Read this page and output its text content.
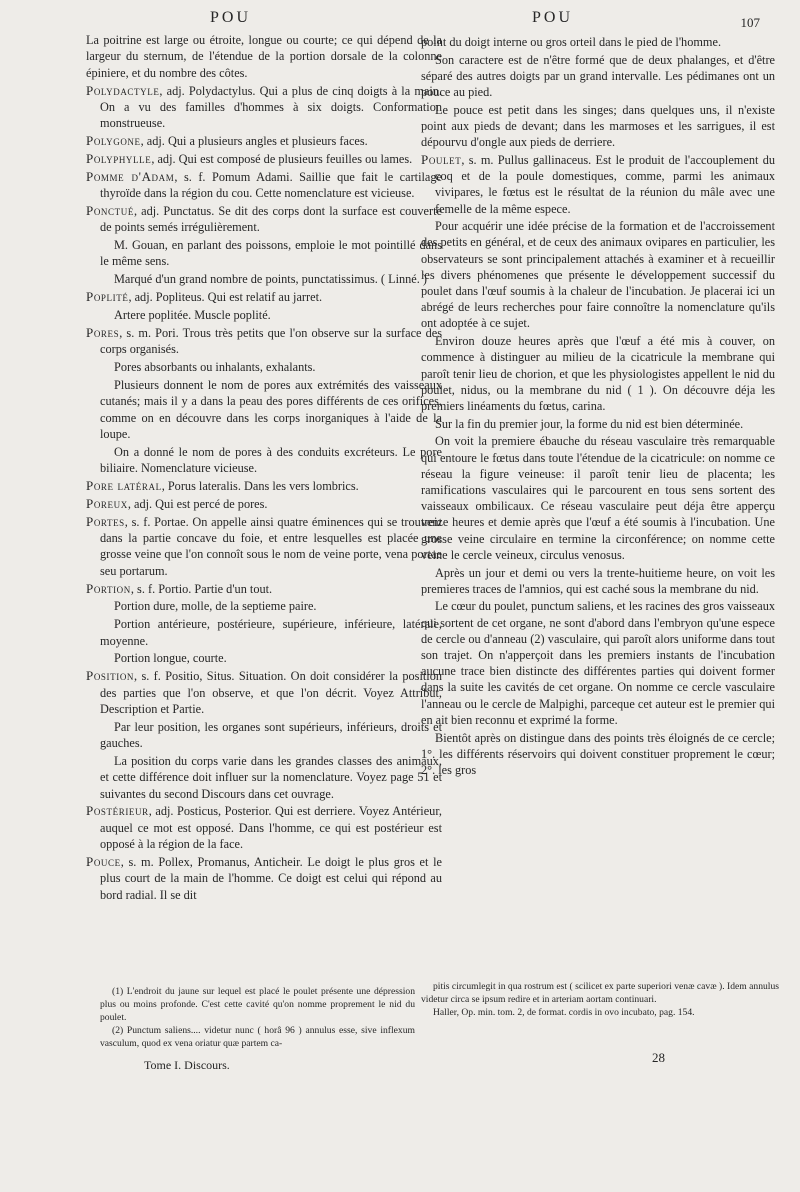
POU	POU	107

La poitrine est large ou étroite, longue ou courte; ce qui dépend de la largeur du sternum, de l'étendue de la portion dorsale de la colonne épiniere, et du nombre des côtes.

Polydactyle, adj. Polydactylus. Qui a plus de cinq doigts à la main. On a vu des familles d'hommes à six doigts. Conformation monstrueuse.

Polygone, adj. Qui a plusieurs angles et plusieurs faces.

Polyphylle, adj. Qui est composé de plusieurs feuilles ou lames.

Pomme d'Adam, s. f. Pomum Adami. Saillie que fait le cartilage thyroïde dans la région du cou. Cette nomenclature est vicieuse.

Ponctué, adj. Punctatus. Se dit des corps dont la surface est couverte de points semés irrégulièrement.

M. Gouan, en parlant des poissons, emploie le mot pointillé dans le même sens.

Marqué d'un grand nombre de points, punctatissimus. ( Linné. )

Poplité, adj. Popliteus. Qui est relatif au jarret.

Artere poplitée. Muscle poplité.

Pores, s. m. Pori. Trous très petits que l'on observe sur la surface des corps organisés.

Pores absorbants ou inhalants, exhalants.

Plusieurs donnent le nom de pores aux extrémités des vaisseaux cutanés; mais il y a dans la peau des pores différents de ces orifices, comme on en découvre dans les corps inorganiques à l'aide de la loupe.

On a donné le nom de pores à des conduits excréteurs. Le pore biliaire. Nomenclature vicieuse.

Pore latéral, Porus lateralis. Dans les vers lombrics.

Poreux, adj. Qui est percé de pores.

Portes, s. f. Portae. On appelle ainsi quatre éminences qui se trouvent dans la partie concave du foie, et entre lesquelles est placée une grosse veine que l'on connoît sous le nom de veine porte, vena portae seu portarum.

Portion, s. f. Portio. Partie d'un tout.

Portion dure, molle, de la septieme paire.

Portion antérieure, postérieure, supérieure, inférieure, latérale, moyenne.

Portion longue, courte.

Position, s. f. Positio, Situs. Situation. On doit considérer la position des parties que l'on observe, et que l'on décrit. Voyez Attribut, Description et Partie.

Par leur position, les organes sont supérieurs, inférieurs, droits et gauches.

La position du corps varie dans les grandes classes des animaux, et cette différence doit influer sur la nomenclature. Voyez page 51 et suivantes du second Discours dans cet ouvrage.

Postérieur, adj. Posticus, Posterior. Qui est derriere. Voyez Antérieur, auquel ce mot est opposé. Dans l'homme, ce qui est postérieur est opposé à la région de la face.

Pouce, s. m. Pollex, Promanus, Anticheir. Le doigt le plus gros et le plus court de la main de l'homme. Ce doigt est celui qui répond au bord radial. Il se dit

point du doigt interne ou gros orteil dans le pied de l'homme.

Son caractere est de n'être formé que de deux phalanges, et d'être séparé des autres doigts par un grand intervalle. Les pédimanes ont un pouce au pied.

Le pouce est petit dans les singes; dans quelques uns, il n'existe point aux pieds de devant; dans les marmoses et les sarrigues, il est dépourvu d'ongle aux pieds de derriere.

Poulet, s. m. Pullus gallinaceus. Est le produit de l'accouplement du coq et de la poule domestiques, comme, parmi les animaux vivipares, le fœtus est le résultat de la réunion du mâle avec une femelle de la même espece.

Pour acquérir une idée précise de la formation et de l'accroissement des petits en général, et de ceux des animaux ovipares en particulier, les observateurs se sont principalement attachés à examiner et à recueillir les divers phénomenes que présente le développement successif du poulet dans l'œuf soumis à la chaleur de l'incubation. Je placerai ici un abrégé de leurs recherches pour faire connoître la nomenclature qu'ils ont adoptée à ce sujet.

Environ douze heures après que l'œuf a été mis à couver, on commence à distinguer au milieu de la cicatricule la membrane qui paroît tenir lieu de chorion, et que les physiologistes appellent le nid du poulet, nidus, ou la membrane du nid ( 1 ). On découvre déja les premiers linéaments du fœtus, carina.

Sur la fin du premier jour, la forme du nid est bien déterminée.

On voit la premiere ébauche du réseau vasculaire très remarquable qui entoure le fœtus dans toute l'étendue de la cicatricule: on nomme ce réseau la figure veineuse: il paroît tenir lieu de placenta; les ramifications vasculaires qui le parcourent en tous sens sortent des vaisseaux ombilicaux. Ce réseau vasculaire peut déja être apperçu treize heures et demie après que l'œuf a été soumis à l'incubation. Une grosse veine circulaire en termine la circonférence; on nomme cette veine le cercle veineux, circulus venosus.

Après un jour et demi ou vers la trente-huitieme heure, on voit les premieres traces de l'amnios, qui est caché sous la membrane du nid.

Le cœur du poulet, punctum saliens, et les racines des gros vaisseaux qui sortent de cet organe, ne sont d'abord dans l'embryon qu'une espece de cercle ou d'anneau (2) vasculaire, qui paroît alors uniforme dans tout son trajet. On n'apperçoit dans les premiers instants de l'incubation aucune trace bien distincte des différentes parties qui doivent former dans la suite les cavités de cet organe. On nomme ce cercle vasculaire l'anneau ou le cercle de Malpighi, parceque cet auteur est le premier qui en ait bien reconnu et exprimé la forme.

Bientôt après on distingue dans des points très éloignés de ce cercle; 1°. les différents réservoirs qui doivent constituer proprement le cœur; 2°. les gros

(1) L'endroit du jaune sur lequel est placé le poulet présente une dépression plus ou moins profonde. C'est cette cavité qu'on nomme proprement le nid du poulet.

(2) Punctum saliens.... videtur nunc ( horâ 96 ) annulus esse, sive inflexum vasculum, quod ex vena oriatur quæ partem ca-

pitis circumlegit in qua rostrum est ( scilicet ex parte superiori venæ cavæ ). Idem annulus videtur circa se ipsum redire et in arteriam aortam continuari.

Haller, Op. min. tom. 2, de format. cordis in ovo incubato, pag. 154.

Tome I. Discours.	28
